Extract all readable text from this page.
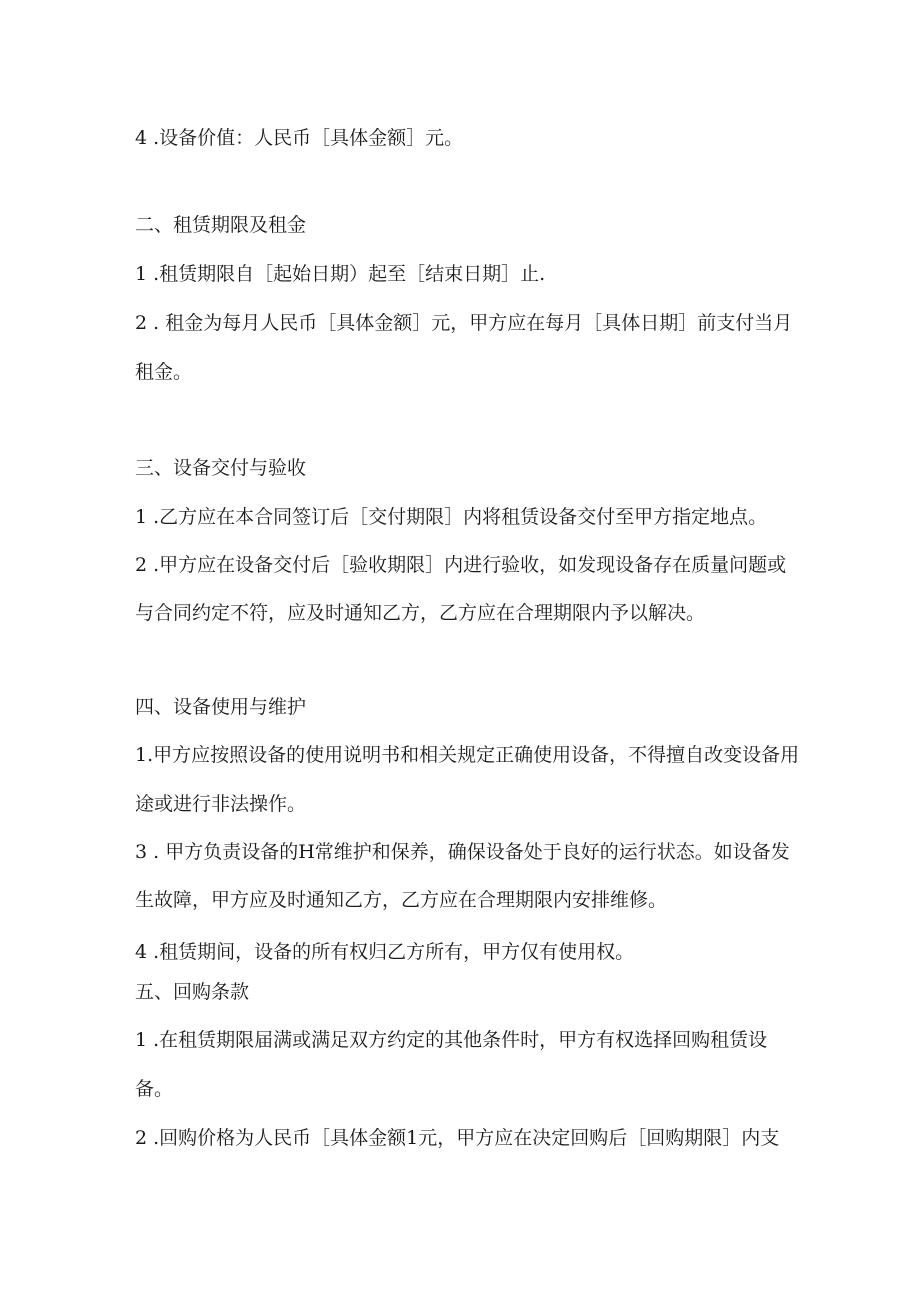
4 .设备价值：人民币［具体金额］元。

二、租赁期限及租金

1 .租赁期限自［起始日期）起至［结束日期］止.

2 . 租金为每月人民币［具体金额］元，甲方应在每月［具体日期］前支付当月

租金。

三、设备交付与验收

1 .乙方应在本合同签订后［交付期限］内将租赁设备交付至甲方指定地点。

2 .甲方应在设备交付后［验收期限］内进行验收，如发现设备存在质量问题或

与合同约定不符，应及时通知乙方，乙方应在合理期限内予以解决。

四、设备使用与维护

1.甲方应按照设备的使用说明书和相关规定正确使用设备，不得擅自改变设备用

途或进行非法操作。

3 . 甲方负责设备的H常维护和保养，确保设备处于良好的运行状态。如设备发

生故障，甲方应及时通知乙方，乙方应在合理期限内安排维修。

4 .租赁期间，设备的所有权归乙方所有，甲方仅有使用权。

五、回购条款

1 .在租赁期限届满或满足双方约定的其他条件时，甲方有权选择回购租赁设

备。

2 .回购价格为人民币［具体金额1元，甲方应在决定回购后［回购期限］内支
